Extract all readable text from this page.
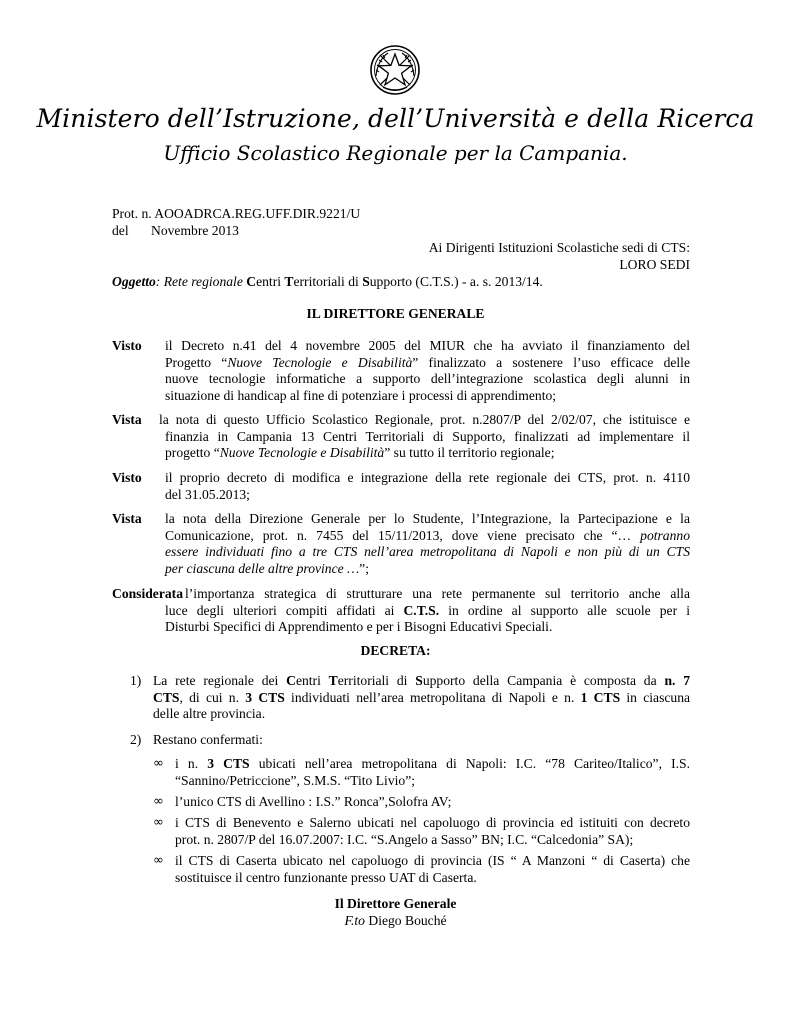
Ministero dell’Istruzione, dell’Università e della Ricerca
Ufficio Scolastico Regionale per la Campania.
Prot. n. AOOADRCA.REG.UFF.DIR.9221/U
del Novembre 2013
Ai Dirigenti Istituzioni Scolastiche sedi di CTS:
LORO SEDI
Oggetto: Rete regionale Centri Territoriali di Supporto (C.T.S.) - a. s. 2013/14.
IL DIRETTORE GENERALE
Visto il Decreto n.41 del 4 novembre 2005 del MIUR che ha avviato il finanziamento del
Progetto “Nuove Tecnologie e Disabilità” finalizzato a sostenere l’uso efficace delle
nuove tecnologie informatiche a supporto dell’integrazione scolastica degli alunni in
situazione di handicap al fine di potenziare i processi di apprendimento;
Vista la nota di questo Ufficio Scolastico Regionale, prot. n.2807/P del 2/02/07, che istituisce e
finanzia in Campania 13 Centri Territoriali di Supporto, finalizzati ad implementare il
progetto “Nuove Tecnologie e Disabilità” su tutto il territorio regionale;
Visto il proprio decreto di modifica e integrazione della rete regionale dei CTS, prot. n. 4110
del 31.05.2013;
Vista la nota della Direzione Generale per lo Studente, l’Integrazione, la Partecipazione e la
Comunicazione, prot. n. 7455 del 15/11/2013, dove viene precisato che “… potranno
essere individuati fino a tre CTS nell’area metropolitana di Napoli e non più di un CTS
per ciascuna delle altre province …”;
Considerata l’importanza strategica di strutturare una rete permanente sul territorio anche alla
luce degli ulteriori compiti affidati ai C.T.S. in ordine al supporto alle scuole per i
Disturbi Specifici di Apprendimento e per i Bisogni Educativi Speciali.
DECRETA:
1) La rete regionale dei Centri Territoriali di Supporto della Campania è composta da n. 7
CTS, di cui n. 3 CTS individuati nell’area metropolitana di Napoli e n. 1 CTS in ciascuna
delle altre provincia.
2) Restano confermati:
∞ i n. 3 CTS ubicati nell’area metropolitana di Napoli: I.C. “78 Cariteo/Italico”, I.S.
“Sannino/Petriccione”, S.M.S. “Tito Livio”;
∞ l’unico CTS di Avellino : I.S.” Ronca”,Solofra AV;
∞ i CTS di Benevento e Salerno ubicati nel capoluogo di provincia ed istituiti con decreto
prot. n. 2807/P del 16.07.2007: I.C. “S.Angelo a Sasso” BN; I.C. “Calcedonia” SA);
∞ il CTS di Caserta ubicato nel capoluogo di provincia (IS “ A Manzoni “ di Caserta) che
sostituisce il centro funzionante presso UAT di Caserta.
Il Direttore Generale
F.to Diego Bouché
